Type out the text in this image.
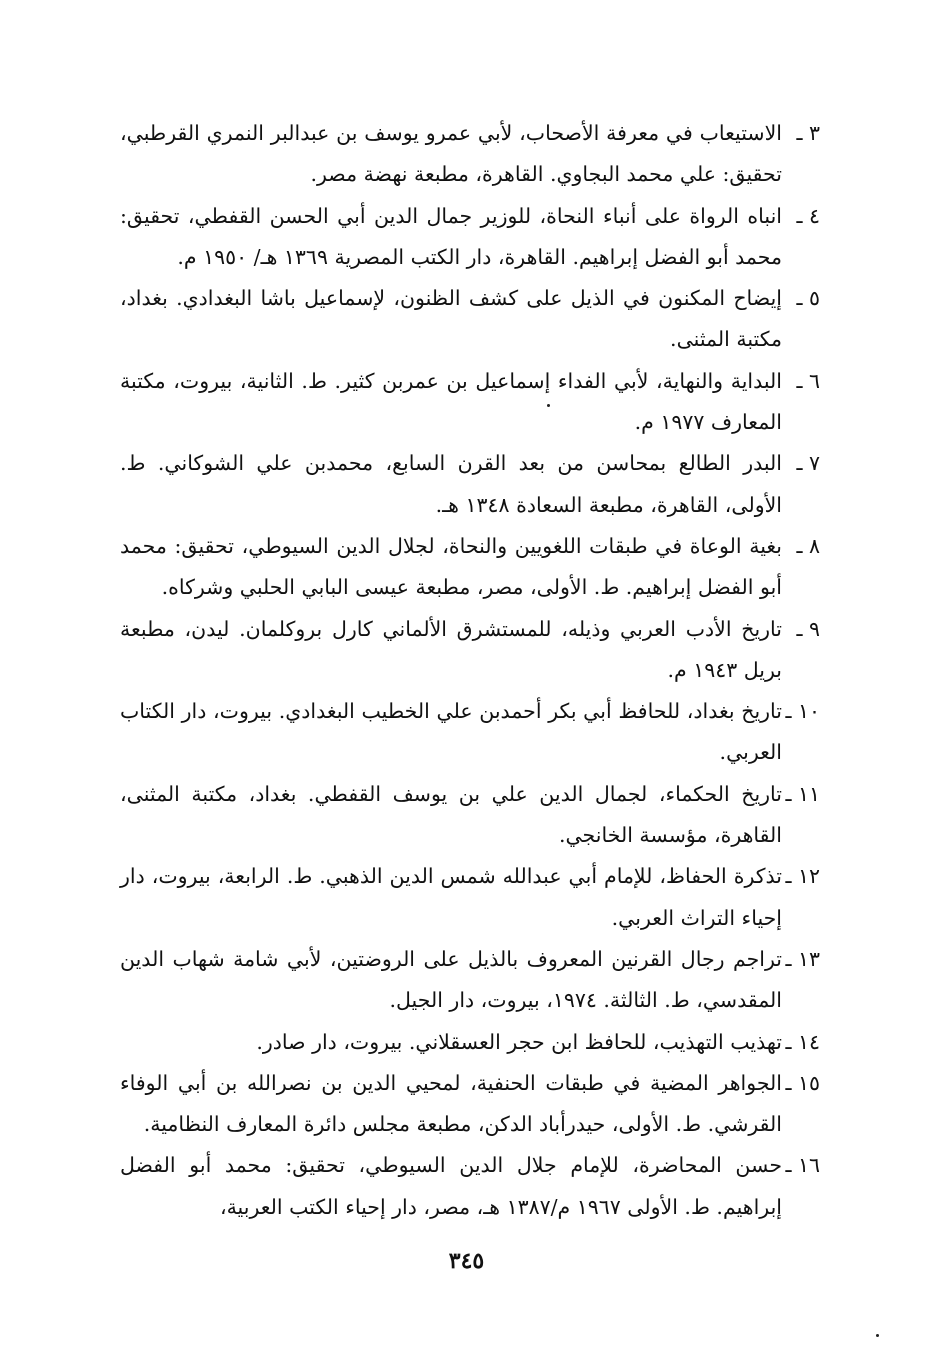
٣ ـالاستيعاب في معرفة الأصحاب، لأبي عمرو يوسف بن عبدالبر النمري القرطبي، تحقيق: علي محمد البجاوي. القاهرة، مطبعة نهضة مصر.

٤ ـانباه الرواة على أنباء النحاة، للوزير جمال الدين أبي الحسن القفطي، تحقيق: محمد أبو الفضل إبراهيم. القاهرة، دار الكتب المصرية ١٣٦٩ هـ/ ١٩٥٠ م.

٥ ـإيضاح المكنون في الذيل على كشف الظنون، لإسماعيل باشا البغدادي. بغداد، مكتبة المثنى.

٦ ـالبداية والنهاية، لأبي الفداء إسماعيل بن عمربن كثير. ط. الثانية، بيروت، مكتبة المعارف ١٩٧٧ م.

٧ ـالبدر الطالع بمحاسن من بعد القرن السابع، محمدبن علي الشوكاني. ط. الأولى، القاهرة، مطبعة السعادة ١٣٤٨ هـ.

٨ ـبغية الوعاة في طبقات اللغويين والنحاة، لجلال الدين السيوطي، تحقيق: محمد أبو الفضل إبراهيم. ط. الأولى، مصر، مطبعة عيسى البابي الحلبي وشركاه.

٩ ـتاريخ الأدب العربي وذيله، للمستشرق الألماني كارل بروكلمان. ليدن، مطبعة بريل ١٩٤٣ م.

١٠ ـتاريخ بغداد، للحافظ أبي بكر أحمدبن علي الخطيب البغدادي. بيروت، دار الكتاب العربي.

١١ ـتاريخ الحكماء، لجمال الدين علي بن يوسف القفطي. بغداد، مكتبة المثنى، القاهرة، مؤسسة الخانجي.

١٢ ـتذكرة الحفاظ، للإمام أبي عبدالله شمس الدين الذهبي. ط. الرابعة، بيروت، دار إحياء التراث العربي.

١٣ ـتراجم رجال القرنين المعروف بالذيل على الروضتين، لأبي شامة شهاب الدين المقدسي، ط. الثالثة. ١٩٧٤، بيروت، دار الجيل.

١٤ ـتهذيب التهذيب، للحافظ ابن حجر العسقلاني. بيروت، دار صادر.

١٥ ـالجواهر المضية في طبقات الحنفية، لمحيي الدين بن نصرالله بن أبي الوفاء القرشي. ط. الأولى، حيدرأباد الدكن، مطبعة مجلس دائرة المعارف النظامية.

١٦ ـحسن المحاضرة، للإمام جلال الدين السيوطي، تحقيق: محمد أبو الفضل إبراهيم. ط. الأولى ١٩٦٧ م/١٣٨٧ هـ، مصر، دار إحياء الكتب العربية،

٣٤٥
